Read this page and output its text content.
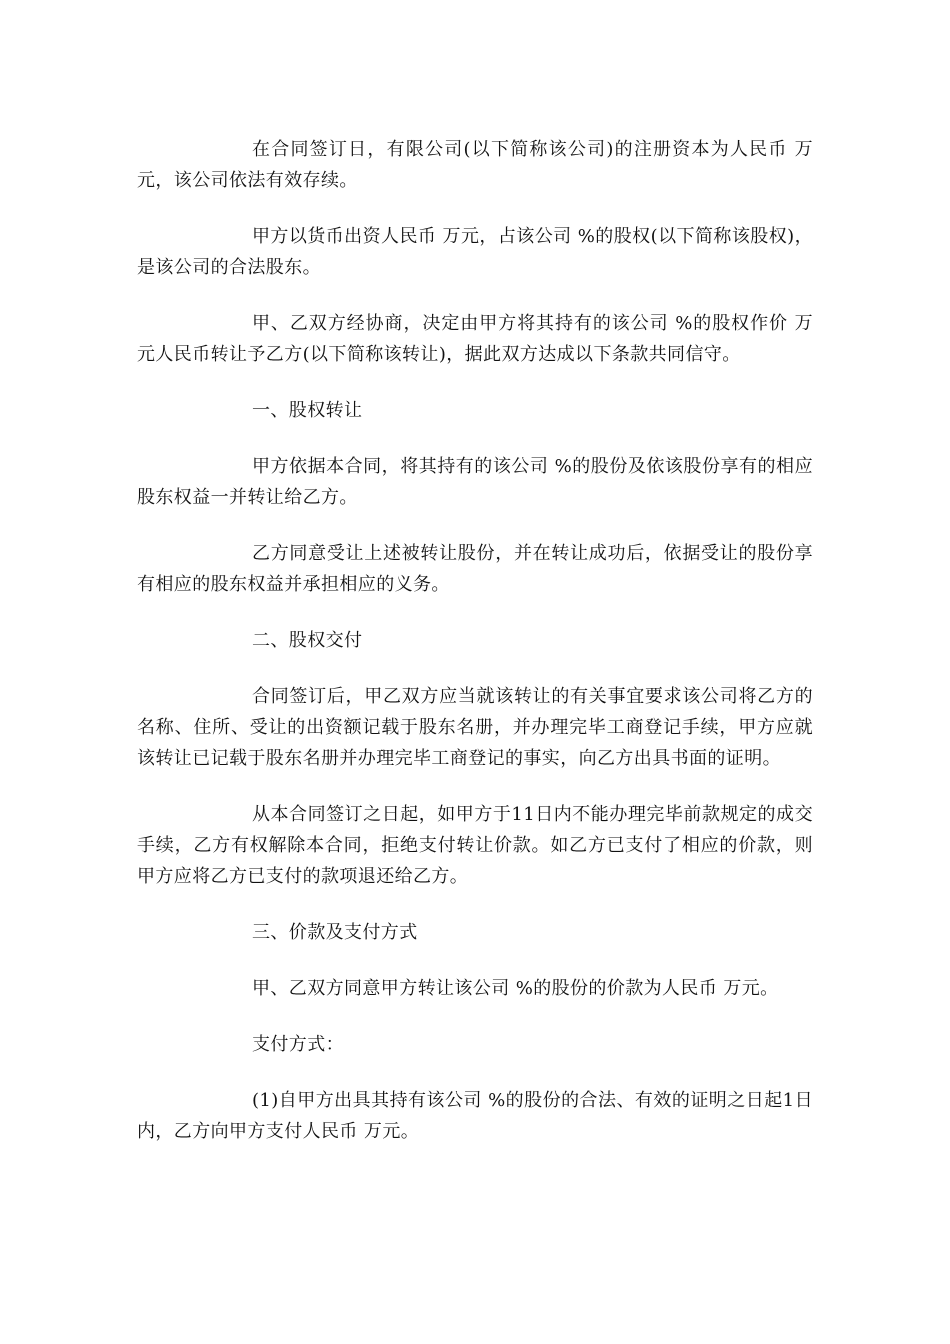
在合同签订日，有限公司(以下简称该公司)的注册资本为人民币 万元，该公司依法有效存续。

甲方以货币出资人民币 万元，占该公司 %的股权(以下简称该股权)，是该公司的合法股东。

甲、乙双方经协商，决定由甲方将其持有的该公司 %的股权作价 万元人民币转让予乙方(以下简称该转让)，据此双方达成以下条款共同信守。

一、股权转让

甲方依据本合同，将其持有的该公司 %的股份及依该股份享有的相应股东权益一并转让给乙方。

乙方同意受让上述被转让股份，并在转让成功后，依据受让的股份享有相应的股东权益并承担相应的义务。

二、股权交付

合同签订后，甲乙双方应当就该转让的有关事宜要求该公司将乙方的名称、住所、受让的出资额记载于股东名册，并办理完毕工商登记手续，甲方应就该转让已记载于股东名册并办理完毕工商登记的事实，向乙方出具书面的证明。

从本合同签订之日起，如甲方于11日内不能办理完毕前款规定的成交手续，乙方有权解除本合同，拒绝支付转让价款。如乙方已支付了相应的价款，则甲方应将乙方已支付的款项退还给乙方。

三、价款及支付方式

甲、乙双方同意甲方转让该公司 %的股份的价款为人民币 万元。

支付方式：

(1)自甲方出具其持有该公司 %的股份的合法、有效的证明之日起1日内，乙方向甲方支付人民币 万元。
